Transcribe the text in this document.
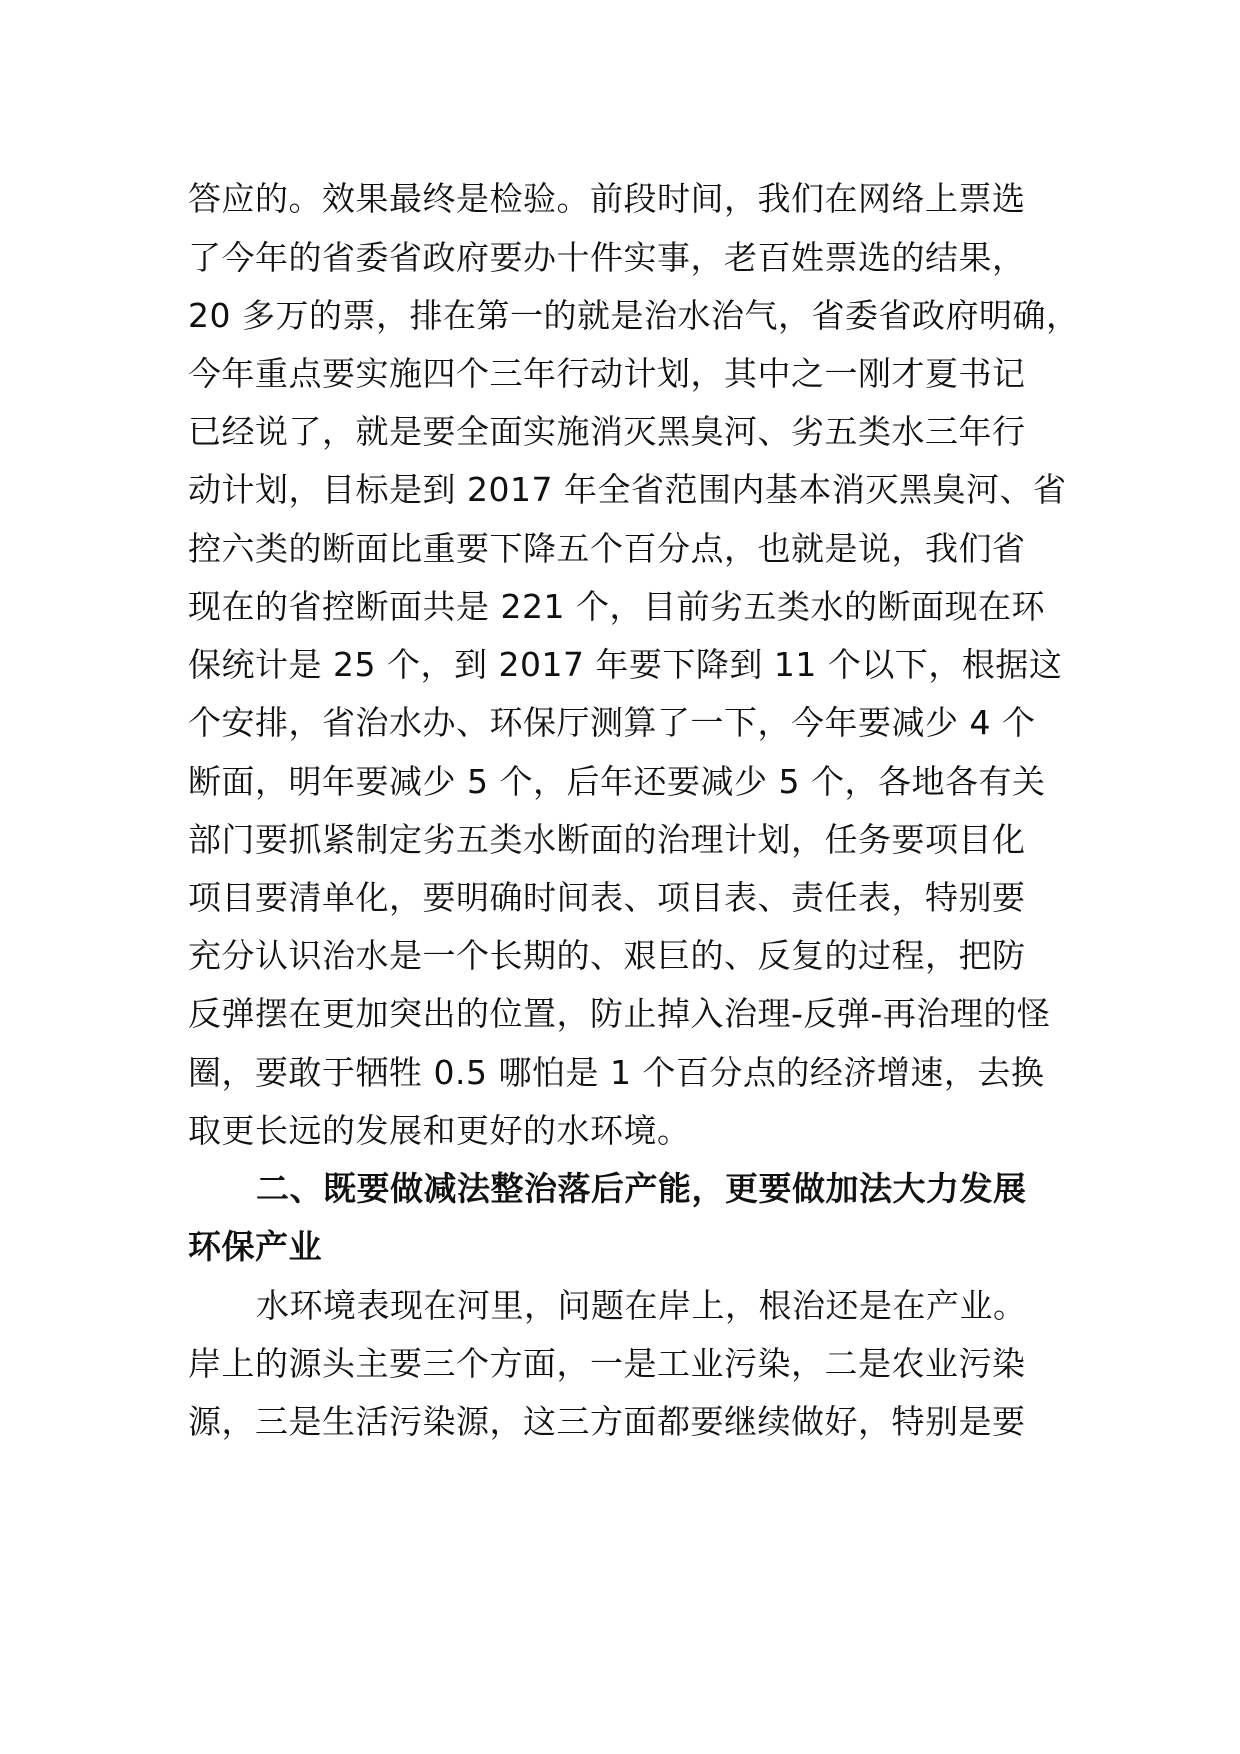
答应的。效果最终是检验。前段时间，我们在网络上票选
了今年的省委省政府要办十件实事，老百姓票选的结果，
20 多万的票，排在第一的就是治水治气，省委省政府明确，
今年重点要实施四个三年行动计划，其中之一刚才夏书记
已经说了，就是要全面实施消灭黑臭河、劣五类水三年行
动计划，目标是到 2017 年全省范围内基本消灭黑臭河、省
控六类的断面比重要下降五个百分点，也就是说，我们省
现在的省控断面共是 221 个，目前劣五类水的断面现在环
保统计是 25 个，到 2017 年要下降到 11 个以下，根据这
个安排，省治水办、环保厅测算了一下，今年要减少 4 个
断面，明年要减少 5 个，后年还要减少 5 个，各地各有关
部门要抓紧制定劣五类水断面的治理计划，任务要项目化
项目要清单化，要明确时间表、项目表、责任表，特别要
充分认识治水是一个长期的、艰巨的、反复的过程，把防
反弹摆在更加突出的位置，防止掉入治理-反弹-再治理的怪
圈，要敢于牺牲 0.5 哪怕是 1 个百分点的经济增速，去换
取更长远的发展和更好的水环境。
二、既要做减法整治落后产能，更要做加法大力发展
环保产业
水环境表现在河里，问题在岸上，根治还是在产业。
岸上的源头主要三个方面，一是工业污染，二是农业污染
源，三是生活污染源，这三方面都要继续做好，特别是要
